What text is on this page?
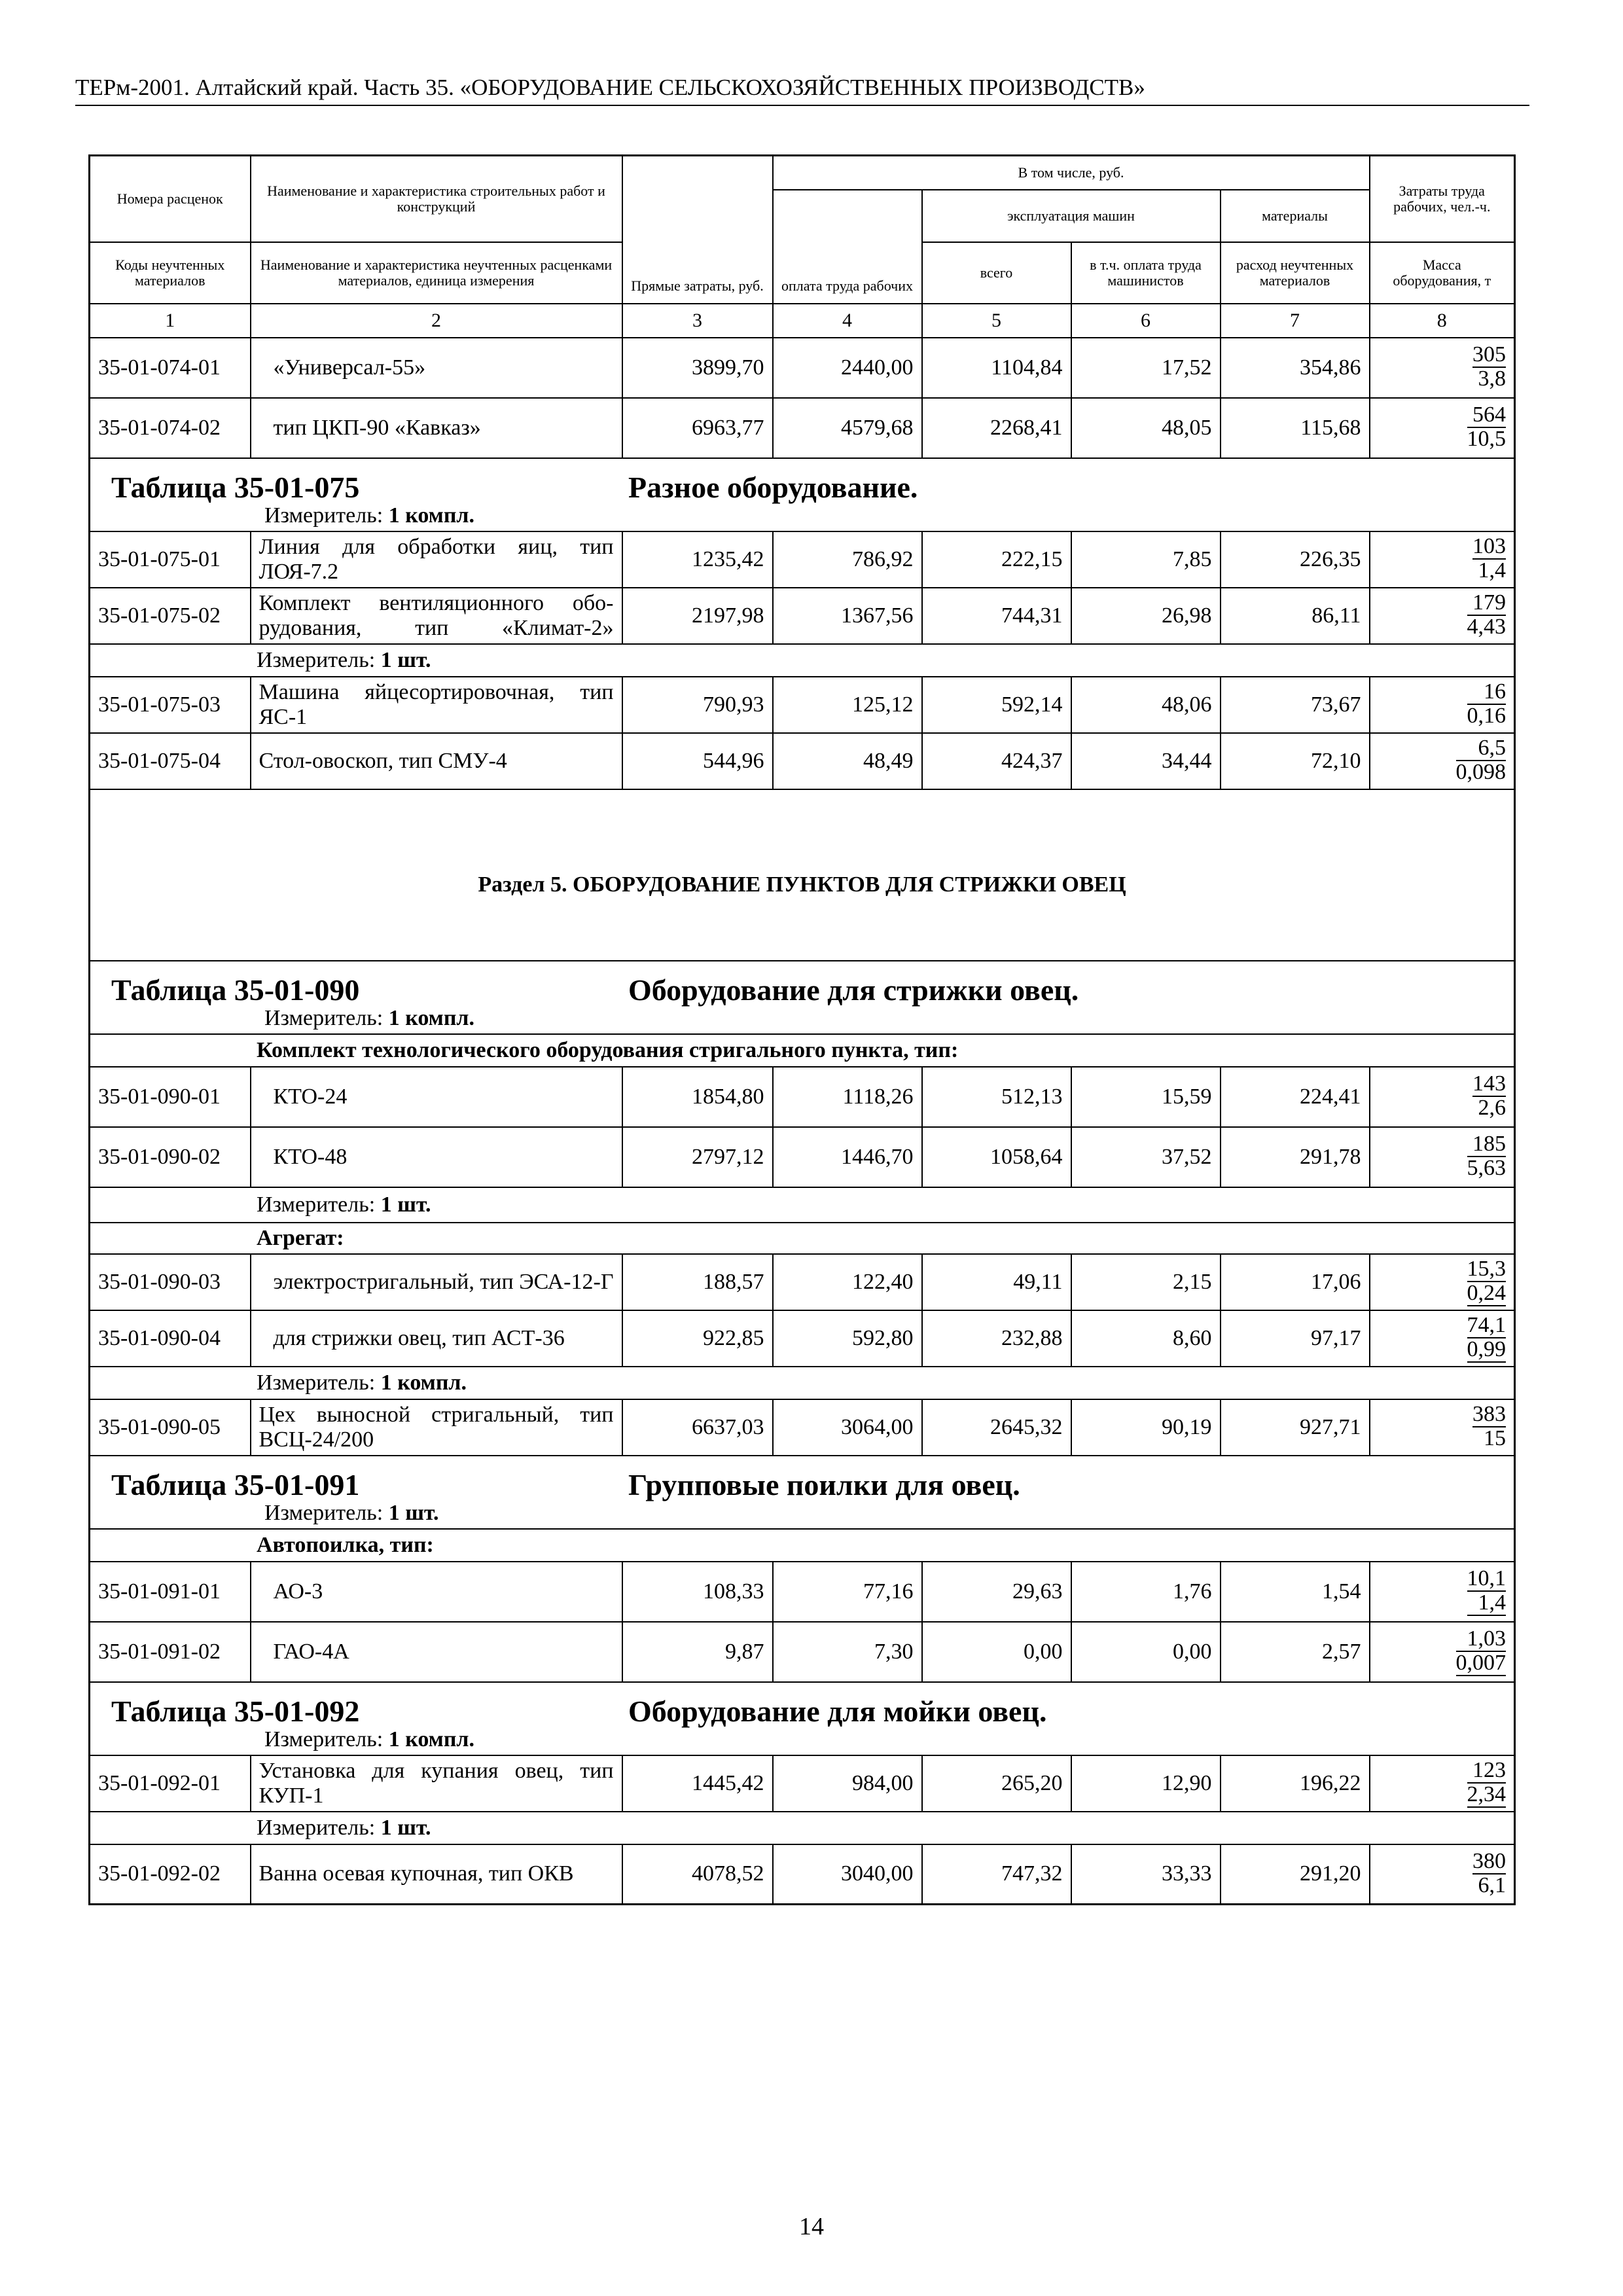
ТЕРм-2001. Алтайский край. Часть 35. «ОБОРУДОВАНИЕ СЕЛЬСКОХОЗЯЙСТВЕННЫХ ПРОИЗВОДСТВ»
Номера расценок	Наименование и характеристика строительных работ и конструкций	Прямые затраты, руб.	В том числе, руб.				Затраты труда рабочих, чел.-ч.
			оплата труда рабочих	эксплуатация машин		материалы	
Коды неучтенных материалов	Наименование и характеристика неучтенных расценками материалов, единица измерения			всего	в т.ч. оплата труда машинистов	расход неучтенных материалов	Масса оборудования, т
1	2	3	4	5	6	7	8
35-01-074-01	«Универсал-55»	3899,70	2440,00	1104,84	17,52	354,86	$\frac{305}{3,8}$

35-01-074-02	тип ЦКП-90 «Кавказ»	6963,77	4579,68	2268,41	48,05	115,68	$\frac{564}{10,5}$

Таблица 35-01-075 Разное оборудование.
Измеритель: 1 компл.							

35-01-075-01	Линия для обработки яиц, тип ЛОЯ-7.2	1235,42	786,92	222,15	7,85	226,35	$\frac{103}{1,4}$

35-01-075-02	Комплект вентиляционного обо-рудования, тип «Климат-2»	2197,98	1367,56	744,31	26,98	86,11	$\frac{179}{4,43}$

Измеритель: 1 шт.							

35-01-075-03	Машина яйцесортировочная, тип ЯС-1	790,93	125,12	592,14	48,06	73,67	$\frac{16}{0,16}$

35-01-075-04	Стол-овоскоп, тип СМУ-4	544,96	48,49	424,37	34,44	72,10	$\frac{6,5}{0,098}$

Раздел 5. ОБОРУДОВАНИЕ ПУНКТОВ ДЛЯ СТРИЖКИ ОВЕЦ							
Таблица 35-01-090 Оборудование для стрижки овец.
Измеритель: 1 компл.							

Комплект технологического оборудования стригального пункта, тип:							

35-01-090-01	КТО-24	1854,80	1118,26	512,13	15,59	224,41	$\frac{143}{2,6}$

35-01-090-02	КТО-48	2797,12	1446,70	1058,64	37,52	291,78	$\frac{185}{5,63}$

Измеритель: 1 шт.							

Агрегат:							

35-01-090-03	электростригальный, тип ЭСА-12-Г	188,57	122,40	49,11	2,15	17,06	$\frac{15,3}{0,24}$

35-01-090-04	для стрижки овец, тип АСТ-36	922,85	592,80	232,88	8,60	97,17	$\frac{74,1}{0,99}$

Измеритель: 1 компл.							

35-01-090-05	Цех выносной стригальный, тип ВСЦ-24/200	6637,03	3064,00	2645,32	90,19	927,71	$\frac{383}{15}$

Таблица 35-01-091 Групповые поилки для овец.
Измеритель: 1 шт.							

Автопоилка, тип:							

35-01-091-01	АО-3	108,33	77,16	29,63	1,76	1,54	$\frac{10,1}{1,4}$

35-01-091-02	ГАО-4А	9,87	7,30	0,00	0,00	2,57	$\frac{1,03}{0,007}$

Таблица 35-01-092 Оборудование для мойки овец.
Измеритель: 1 компл.							

35-01-092-01	Установка для купания овец, тип КУП-1	1445,42	984,00	265,20	12,90	196,22	$\frac{123}{2,34}$

Измеритель: 1 шт.							

35-01-092-02	Ванна осевая купочная, тип ОКВ	4078,52	3040,00	747,32	33,33	291,20	$\frac{380}{6,1}$
14
